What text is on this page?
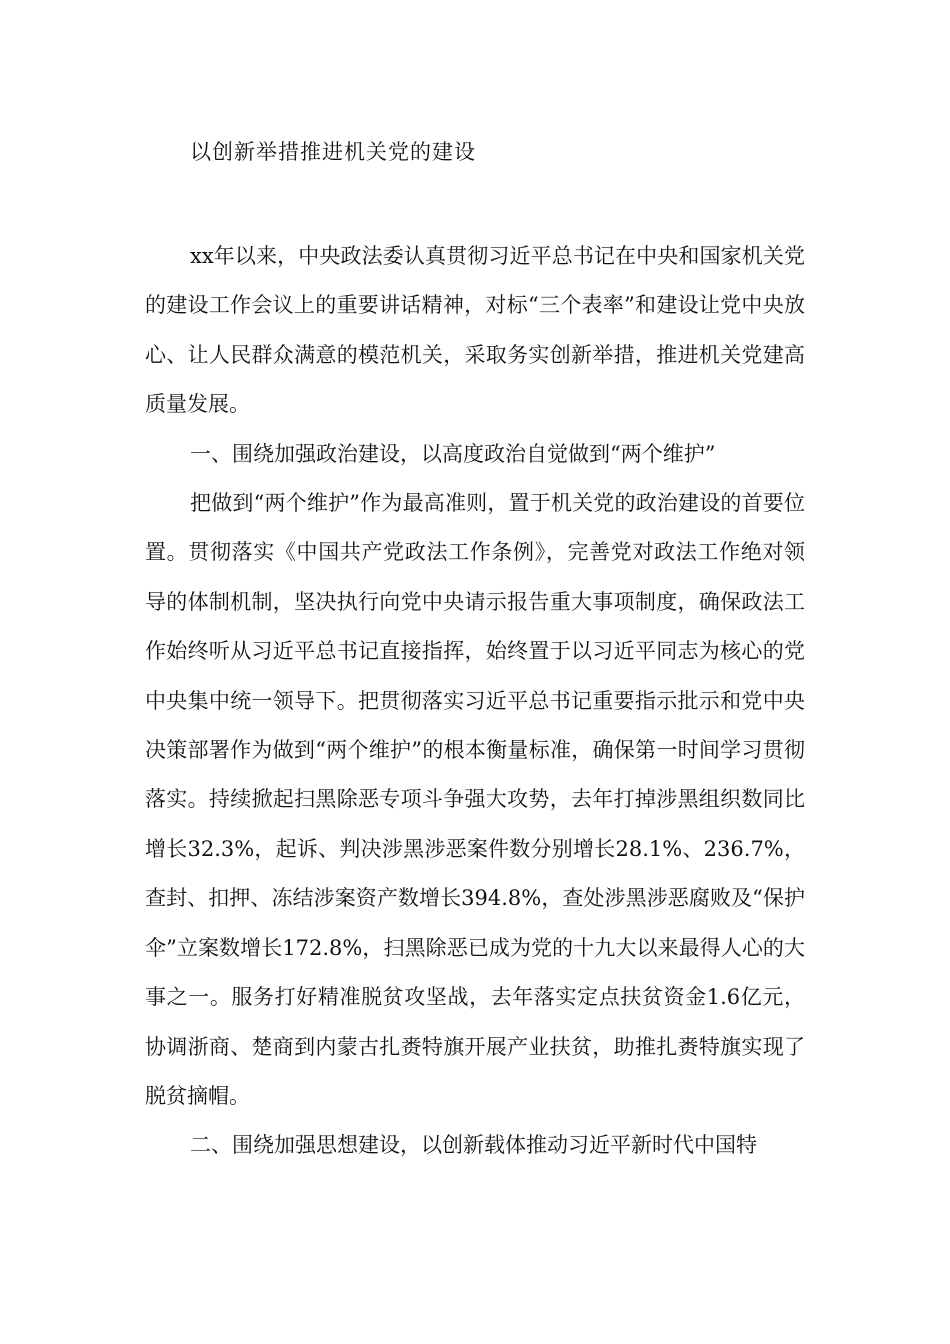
以创新举措推进机关党的建设

xx年以来，中央政法委认真贯彻习近平总书记在中央和国家机关党的建设工作会议上的重要讲话精神，对标“三个表率”和建设让党中央放心、让人民群众满意的模范机关，采取务实创新举措，推进机关党建高质量发展。

一、围绕加强政治建设，以高度政治自觉做到“两个维护”

把做到“两个维护”作为最高准则，置于机关党的政治建设的首要位置。贯彻落实《中国共产党政法工作条例》，完善党对政法工作绝对领导的体制机制，坚决执行向党中央请示报告重大事项制度，确保政法工作始终听从习近平总书记直接指挥，始终置于以习近平同志为核心的党中央集中统一领导下。把贯彻落实习近平总书记重要指示批示和党中央决策部署作为做到“两个维护”的根本衡量标准，确保第一时间学习贯彻落实。持续掀起扫黑除恶专项斗争强大攻势，去年打掉涉黑组织数同比增长32.3%，起诉、判决涉黑涉恶案件数分别增长28.1%、236.7%，查封、扣押、冻结涉案资产数增长394.8%，查处涉黑涉恶腐败及“保护伞”立案数增长172.8%，扫黑除恶已成为党的十九大以来最得人心的大事之一。服务打好精准脱贫攻坚战，去年落实定点扶贫资金1.6亿元，协调浙商、楚商到内蒙古扎赉特旗开展产业扶贫，助推扎赉特旗实现了脱贫摘帽。

二、围绕加强思想建设，以创新载体推动习近平新时代中国特
